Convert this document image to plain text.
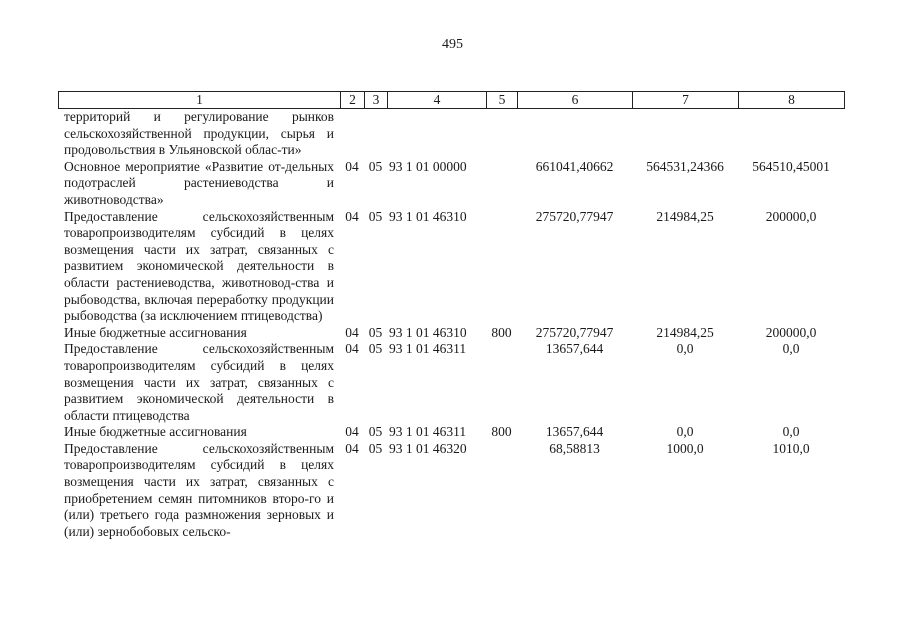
495
1	2	3	4	5	6	7	8
территорий и регулирование рынков сельскохозяйственной продукции, сырья и продовольствия в Ульяновской облас-ти»							
Основное мероприятие «Развитие от-дельных подотраслей растениеводства и животноводства»	04	05	93 1 01 00000		661041,40662	564531,24366	564510,45001
Предоставление сельскохозяйственным товаропроизводителям субсидий в целях возмещения части их затрат, связанных с развитием экономической деятельности в области растениеводства, животновод-ства и рыбоводства, включая переработку продукции рыбоводства (за исключением птицеводства)	04	05	93 1 01 46310		275720,77947	214984,25	200000,0
Иные бюджетные ассигнования	04	05	93 1 01 46310	800	275720,77947	214984,25	200000,0
Предоставление сельскохозяйственным товаропроизводителям субсидий в целях возмещения части их затрат, связанных с развитием экономической деятельности в области птицеводства	04	05	93 1 01 46311		13657,644	0,0	0,0
Иные бюджетные ассигнования	04	05	93 1 01 46311	800	13657,644	0,0	0,0
Предоставление сельскохозяйственным товаропроизводителям субсидий в целях возмещения части их затрат, связанных с приобретением семян питомников второ-го и (или) третьего года размножения зерновых и (или) зернобобовых сельско-	04	05	93 1 01 46320		68,58813	1000,0	1010,0
